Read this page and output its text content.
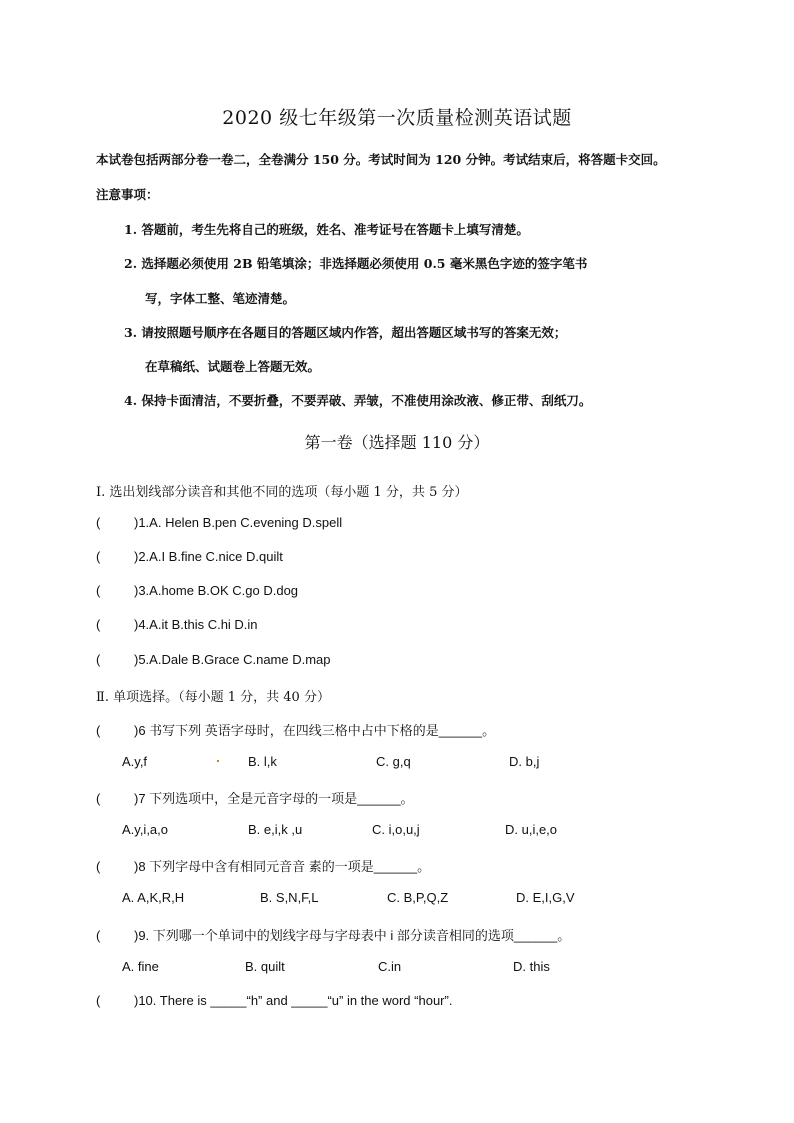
2020 级七年级第一次质量检测英语试题
本试卷包括两部分卷一卷二，全卷满分 150 分。考试时间为 120 分钟。考试结束后，将答题卡交回。
注意事项：
1. 答题前，考生先将自己的班级，姓名、准考证号在答题卡上填写清楚。
2. 选择题必须使用 2B 铅笔填涂；非选择题必须使用 0.5 毫米黑色字迹的签字笔书
写，字体工整、笔迹清楚。
3. 请按照题号顺序在各题目的答题区域内作答，超出答题区域书写的答案无效；
在草稿纸、试题卷上答题无效。
4. 保持卡面清洁，不要折叠，不要弄破、弄皱，不准使用涂改液、修正带、刮纸刀。
第一卷（选择题 110 分）
Ⅰ. 选出划线部分读音和其他不同的选项（每小题 1 分，共 5 分）
(	)1.A. Helen B.pen C.evening D.spell
(	)2.A.I B.fine C.nice D.quilt
(	)3.A.home B.OK C.go D.dog
(	)4.A.it B.this C.hi D.in
(	)5.A.Dale B.Grace C.name D.map
Ⅱ. 单项选择。（每小题 1 分，共 40 分）
(	)6 书写下列 英语字母时，在四线三格中占中下格的是______。
A.y,f	B. l,k	C. g,q	D. b,j
(	)7 下列选项中，全是元音字母的一项是______。
A.y,i,a,o	B. e,i,k ,u	C. i,o,u,j	D. u,i,e,o
(	)8 下列字母中含有相同元音音 素的一项是______。
A. A,K,R,H	B. S,N,F,L	C. B,P,Q,Z	D. E,I,G,V
(	)9. 下列哪一个单词中的划线字母与字母表中 i 部分读音相同的选项______。
A. fine	B. quilt	C.in	D. this
(	)10. There is _____“h” and _____“u” in the word “hour”.
